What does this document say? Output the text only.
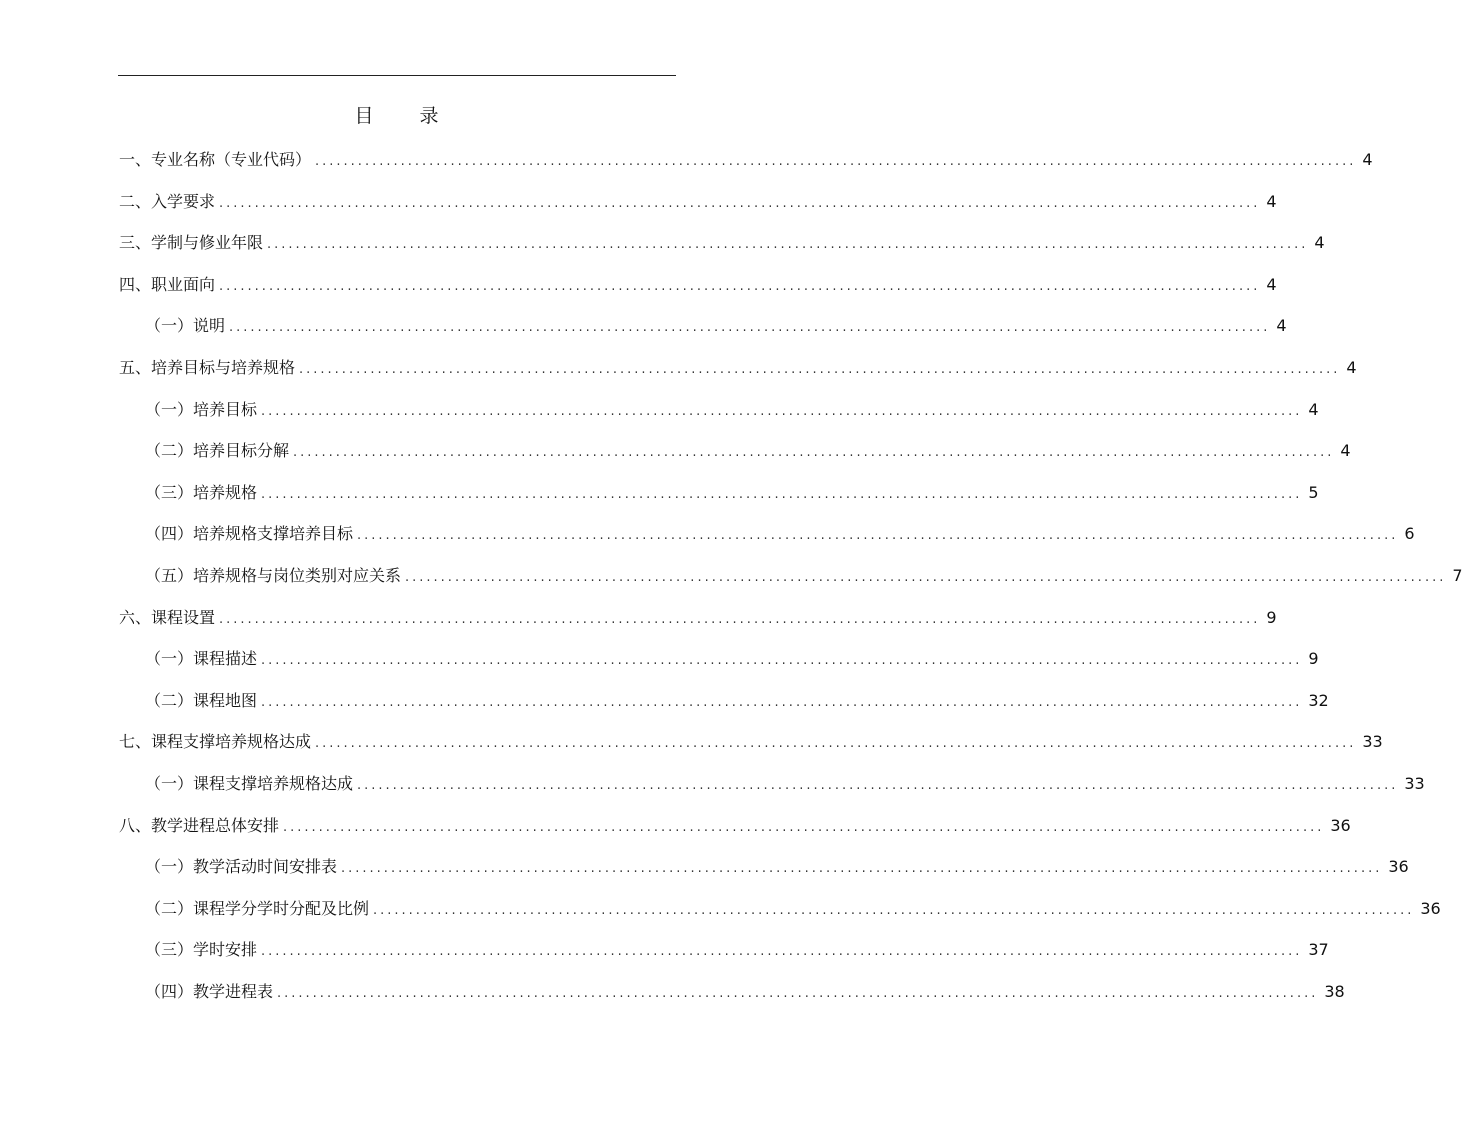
目 录
一、专业名称（专业代码） .................................................................................................................................................. 4
二、入学要求 .................................................................................................................................................. 4
三、学制与修业年限 .................................................................................................................................................. 4
四、职业面向 .................................................................................................................................................. 4
（一）说明 .................................................................................................................................................. 4
五、培养目标与培养规格 .................................................................................................................................................. 4
（一）培养目标 .................................................................................................................................................. 4
（二）培养目标分解 .................................................................................................................................................. 4
（三）培养规格 .................................................................................................................................................. 5
（四）培养规格支撑培养目标 .................................................................................................................................................. 6
（五）培养规格与岗位类别对应关系 .................................................................................................................................................. 7
六、课程设置 .................................................................................................................................................. 9
（一）课程描述 .................................................................................................................................................. 9
（二）课程地图 .................................................................................................................................................. 32
七、课程支撑培养规格达成 .................................................................................................................................................. 33
（一）课程支撑培养规格达成 .................................................................................................................................................. 33
八、教学进程总体安排 .................................................................................................................................................. 36
（一）教学活动时间安排表 .................................................................................................................................................. 36
（二）课程学分学时分配及比例 .................................................................................................................................................. 36
（三）学时安排 .................................................................................................................................................. 37
（四）教学进程表 .................................................................................................................................................. 38
